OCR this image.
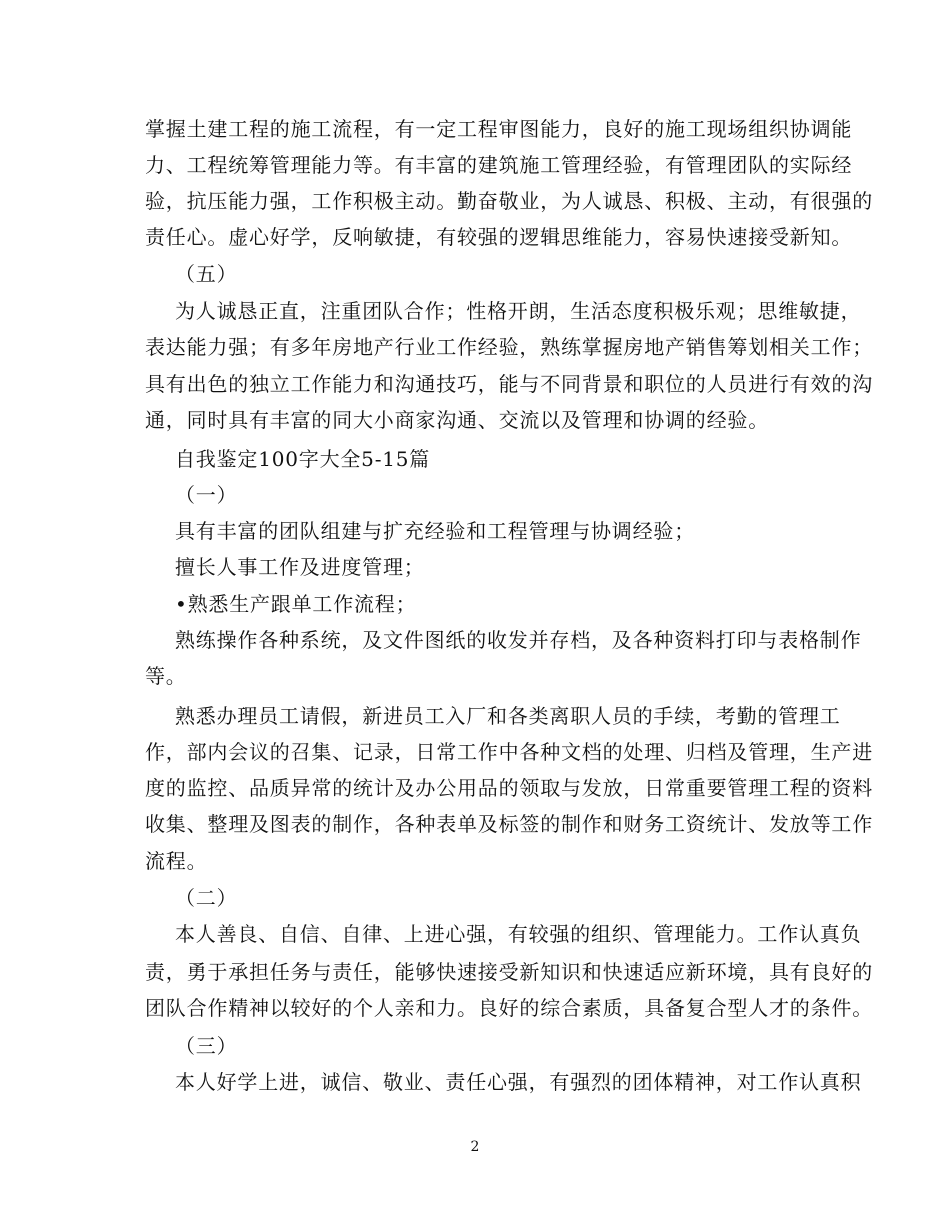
掌握土建工程的施工流程，有一定工程审图能力，良好的施工现场组织协调能

力、工程统筹管理能力等。有丰富的建筑施工管理经验，有管理团队的实际经

验，抗压能力强，工作积极主动。勤奋敬业，为人诚恳、积极、主动，有很强的

责任心。虚心好学，反响敏捷，有较强的逻辑思维能力，容易快速接受新知。

（五）

为人诚恳正直，注重团队合作；性格开朗，生活态度积极乐观；思维敏捷，

表达能力强；有多年房地产行业工作经验，熟练掌握房地产销售筹划相关工作；

具有出色的独立工作能力和沟通技巧，能与不同背景和职位的人员进行有效的沟

通，同时具有丰富的同大小商家沟通、交流以及管理和协调的经验。

自我鉴定100字大全5-15篇

（一）

具有丰富的团队组建与扩充经验和工程管理与协调经验；

擅长人事工作及进度管理；

•熟悉生产跟单工作流程；

熟练操作各种系统，及文件图纸的收发并存档，及各种资料打印与表格制作

等。

熟悉办理员工请假，新进员工入厂和各类离职人员的手续，考勤的管理工

作，部内会议的召集、记录，日常工作中各种文档的处理、归档及管理，生产进

度的监控、品质异常的统计及办公用品的领取与发放，日常重要管理工程的资料

收集、整理及图表的制作，各种表单及标签的制作和财务工资统计、发放等工作

流程。

（二）

本人善良、自信、自律、上进心强，有较强的组织、管理能力。工作认真负

责，勇于承担任务与责任，能够快速接受新知识和快速适应新环境，具有良好的

团队合作精神以较好的个人亲和力。良好的综合素质，具备复合型人才的条件。

（三）

本人好学上进，诚信、敬业、责任心强，有强烈的团体精神，对工作认真积

2
